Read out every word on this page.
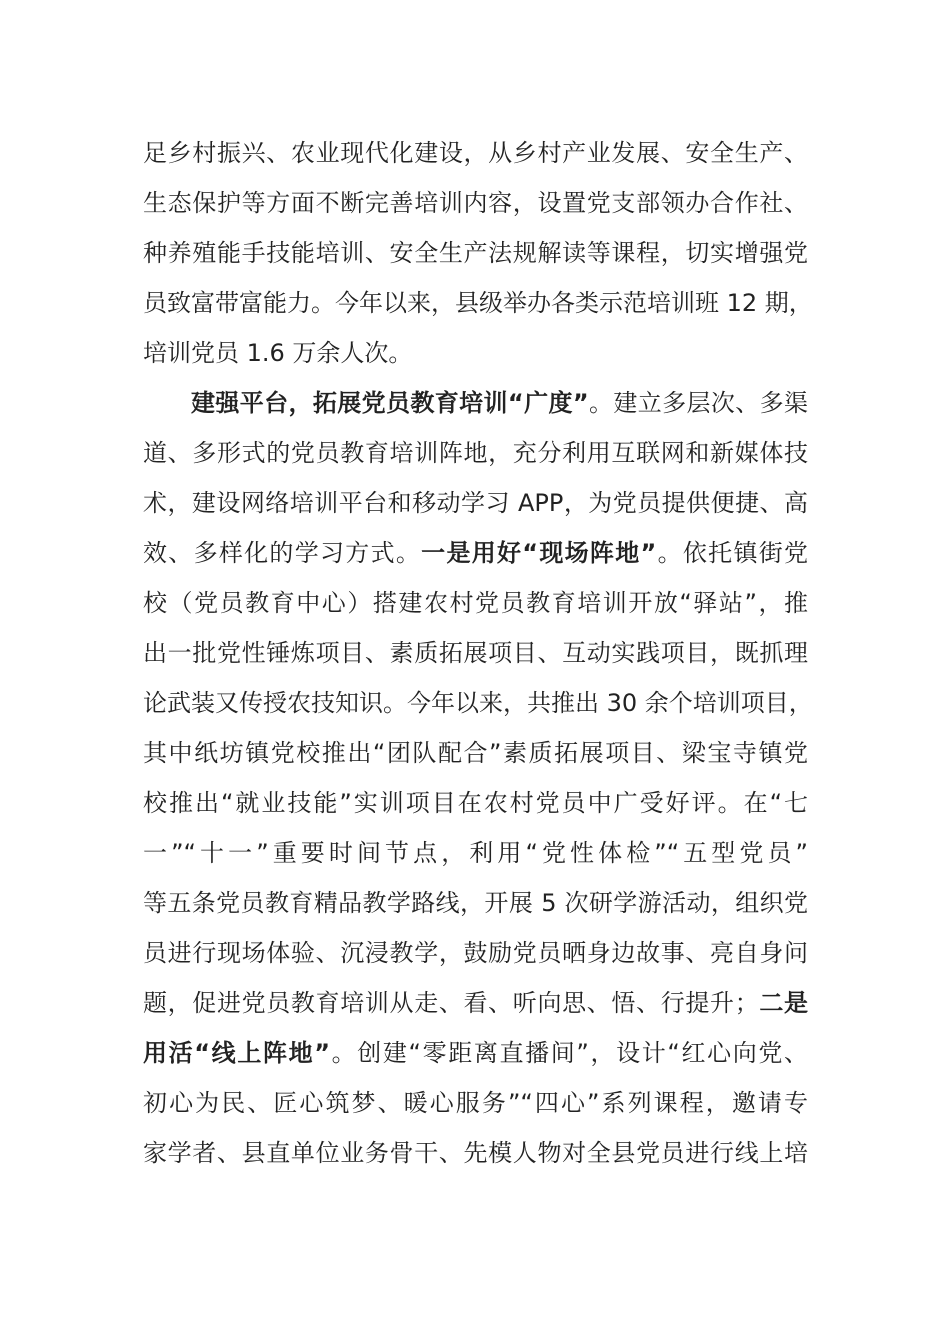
足乡村振兴、农业现代化建设，从乡村产业发展、安全生产、
生态保护等方面不断完善培训内容，设置党支部领办合作社、
种养殖能手技能培训、安全生产法规解读等课程，切实增强党
员致富带富能力。今年以来，县级举办各类示范培训班 12 期，
培训党员 1.6 万余人次。
建强平台，拓展党员教育培训“广度”。建立多层次、多渠
道、多形式的党员教育培训阵地，充分利用互联网和新媒体技
术，建设网络培训平台和移动学习 APP，为党员提供便捷、高
效、多样化的学习方式。一是用好“现场阵地”。依托镇街党
校（党员教育中心）搭建农村党员教育培训开放“驿站”，推
出一批党性锤炼项目、素质拓展项目、互动实践项目，既抓理
论武装又传授农技知识。今年以来，共推出 30 余个培训项目，
其中纸坊镇党校推出“团队配合”素质拓展项目、梁宝寺镇党
校推出“就业技能”实训项目在农村党员中广受好评。在“七
一”“十一”重要时间节点，利用“党性体检”“五型党员”
等五条党员教育精品教学路线，开展 5 次研学游活动，组织党
员进行现场体验、沉浸教学，鼓励党员晒身边故事、亮自身问
题，促进党员教育培训从走、看、听向思、悟、行提升；二是
用活“线上阵地”。创建“零距离直播间”，设计“红心向党、
初心为民、匠心筑梦、暖心服务”“四心”系列课程，邀请专
家学者、县直单位业务骨干、先模人物对全县党员进行线上培
